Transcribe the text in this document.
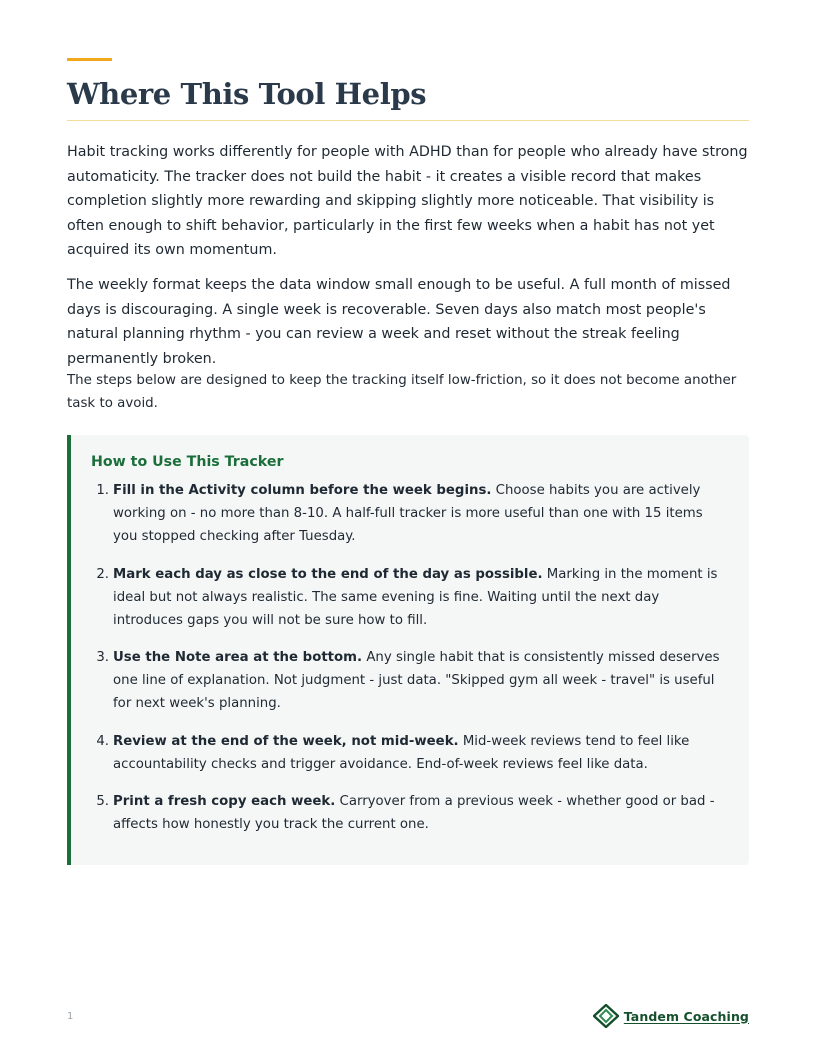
Where This Tool Helps

Habit tracking works differently for people with ADHD than for people who already have strong automaticity. The tracker does not build the habit - it creates a visible record that makes completion slightly more rewarding and skipping slightly more noticeable. That visibility is often enough to shift behavior, particularly in the first few weeks when a habit has not yet acquired its own momentum.

The weekly format keeps the data window small enough to be useful. A full month of missed days is discouraging. A single week is recoverable. Seven days also match most people's natural planning rhythm - you can review a week and reset without the streak feeling permanently broken.

The steps below are designed to keep the tracking itself low-friction, so it does not become another task to avoid.

How to Use This Tracker
1. Fill in the Activity column before the week begins. Choose habits you are actively working on - no more than 8-10. A half-full tracker is more useful than one with 15 items you stopped checking after Tuesday.
2. Mark each day as close to the end of the day as possible. Marking in the moment is ideal but not always realistic. The same evening is fine. Waiting until the next day introduces gaps you will not be sure how to fill.
3. Use the Note area at the bottom. Any single habit that is consistently missed deserves one line of explanation. Not judgment - just data. "Skipped gym all week - travel" is useful for next week's planning.
4. Review at the end of the week, not mid-week. Mid-week reviews tend to feel like accountability checks and trigger avoidance. End-of-week reviews feel like data.
5. Print a fresh copy each week. Carryover from a previous week - whether good or bad - affects how honestly you track the current one.
1	Tandem Coaching
